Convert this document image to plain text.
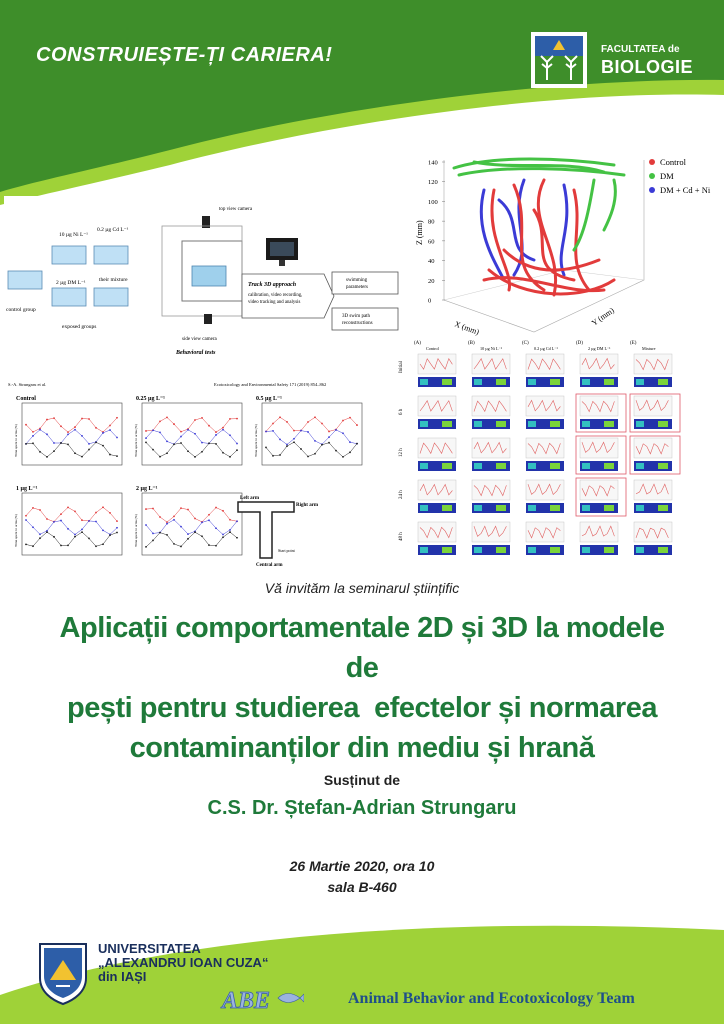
CONSTRUIEȘTE-ȚI CARIERA!	FACULTATEA de
BIOLOGIE
10 µg Ni L⁻¹
0.2 µg Cd L⁻¹
their mixture
2 µg DM L⁻¹
control group
exposed groups
top view camera
side view camera
Behavioral tests
Track 3D approach
calibration, video recording,
video tracking and analysis
swimming
parameters
3D swim path
reconstructions
140
120
100
80
60
40
20
0
Z (mm)
X (mm)
Y (mm)
Control
DM
DM + Cd + Ni
S.-A. Strungaru et al.	Ecotoxicology and Environmental Safety 171 (2019) 854–862
Control
Time spent in arms (%)
0.25 µg L⁻¹
Time spent in arms (%)
0.5 µg L⁻¹
Time spent in arms (%)
1 µg L⁻¹
Time spent in arms (%)
2 µg L⁻¹
Time spent in arms (%)
Left arm
Right arm
Central arm
Start point
(A)
Control
(B)
10 µg Ni L⁻¹
(C)
0.2 µg Cd L⁻¹
(D)
2 µg DM L⁻¹
(E)
Mixture
Initial
6 h
12 h
24 h
48 h
Vă invităm la seminarul științific
Aplicații comportamentale 2D și 3D la modele de
pești pentru studierea  efectelor și normarea
contaminanților din mediu și hrană
Susținut de
C.S. Dr. Ștefan-Adrian Strungaru
26 Martie 2020, ora 10
sala B-460
UNIVERSITATEA
„ALEXANDRU IOAN CUZA“
din IAȘI
ABE	Animal Behavior and Ecotoxicology Team
